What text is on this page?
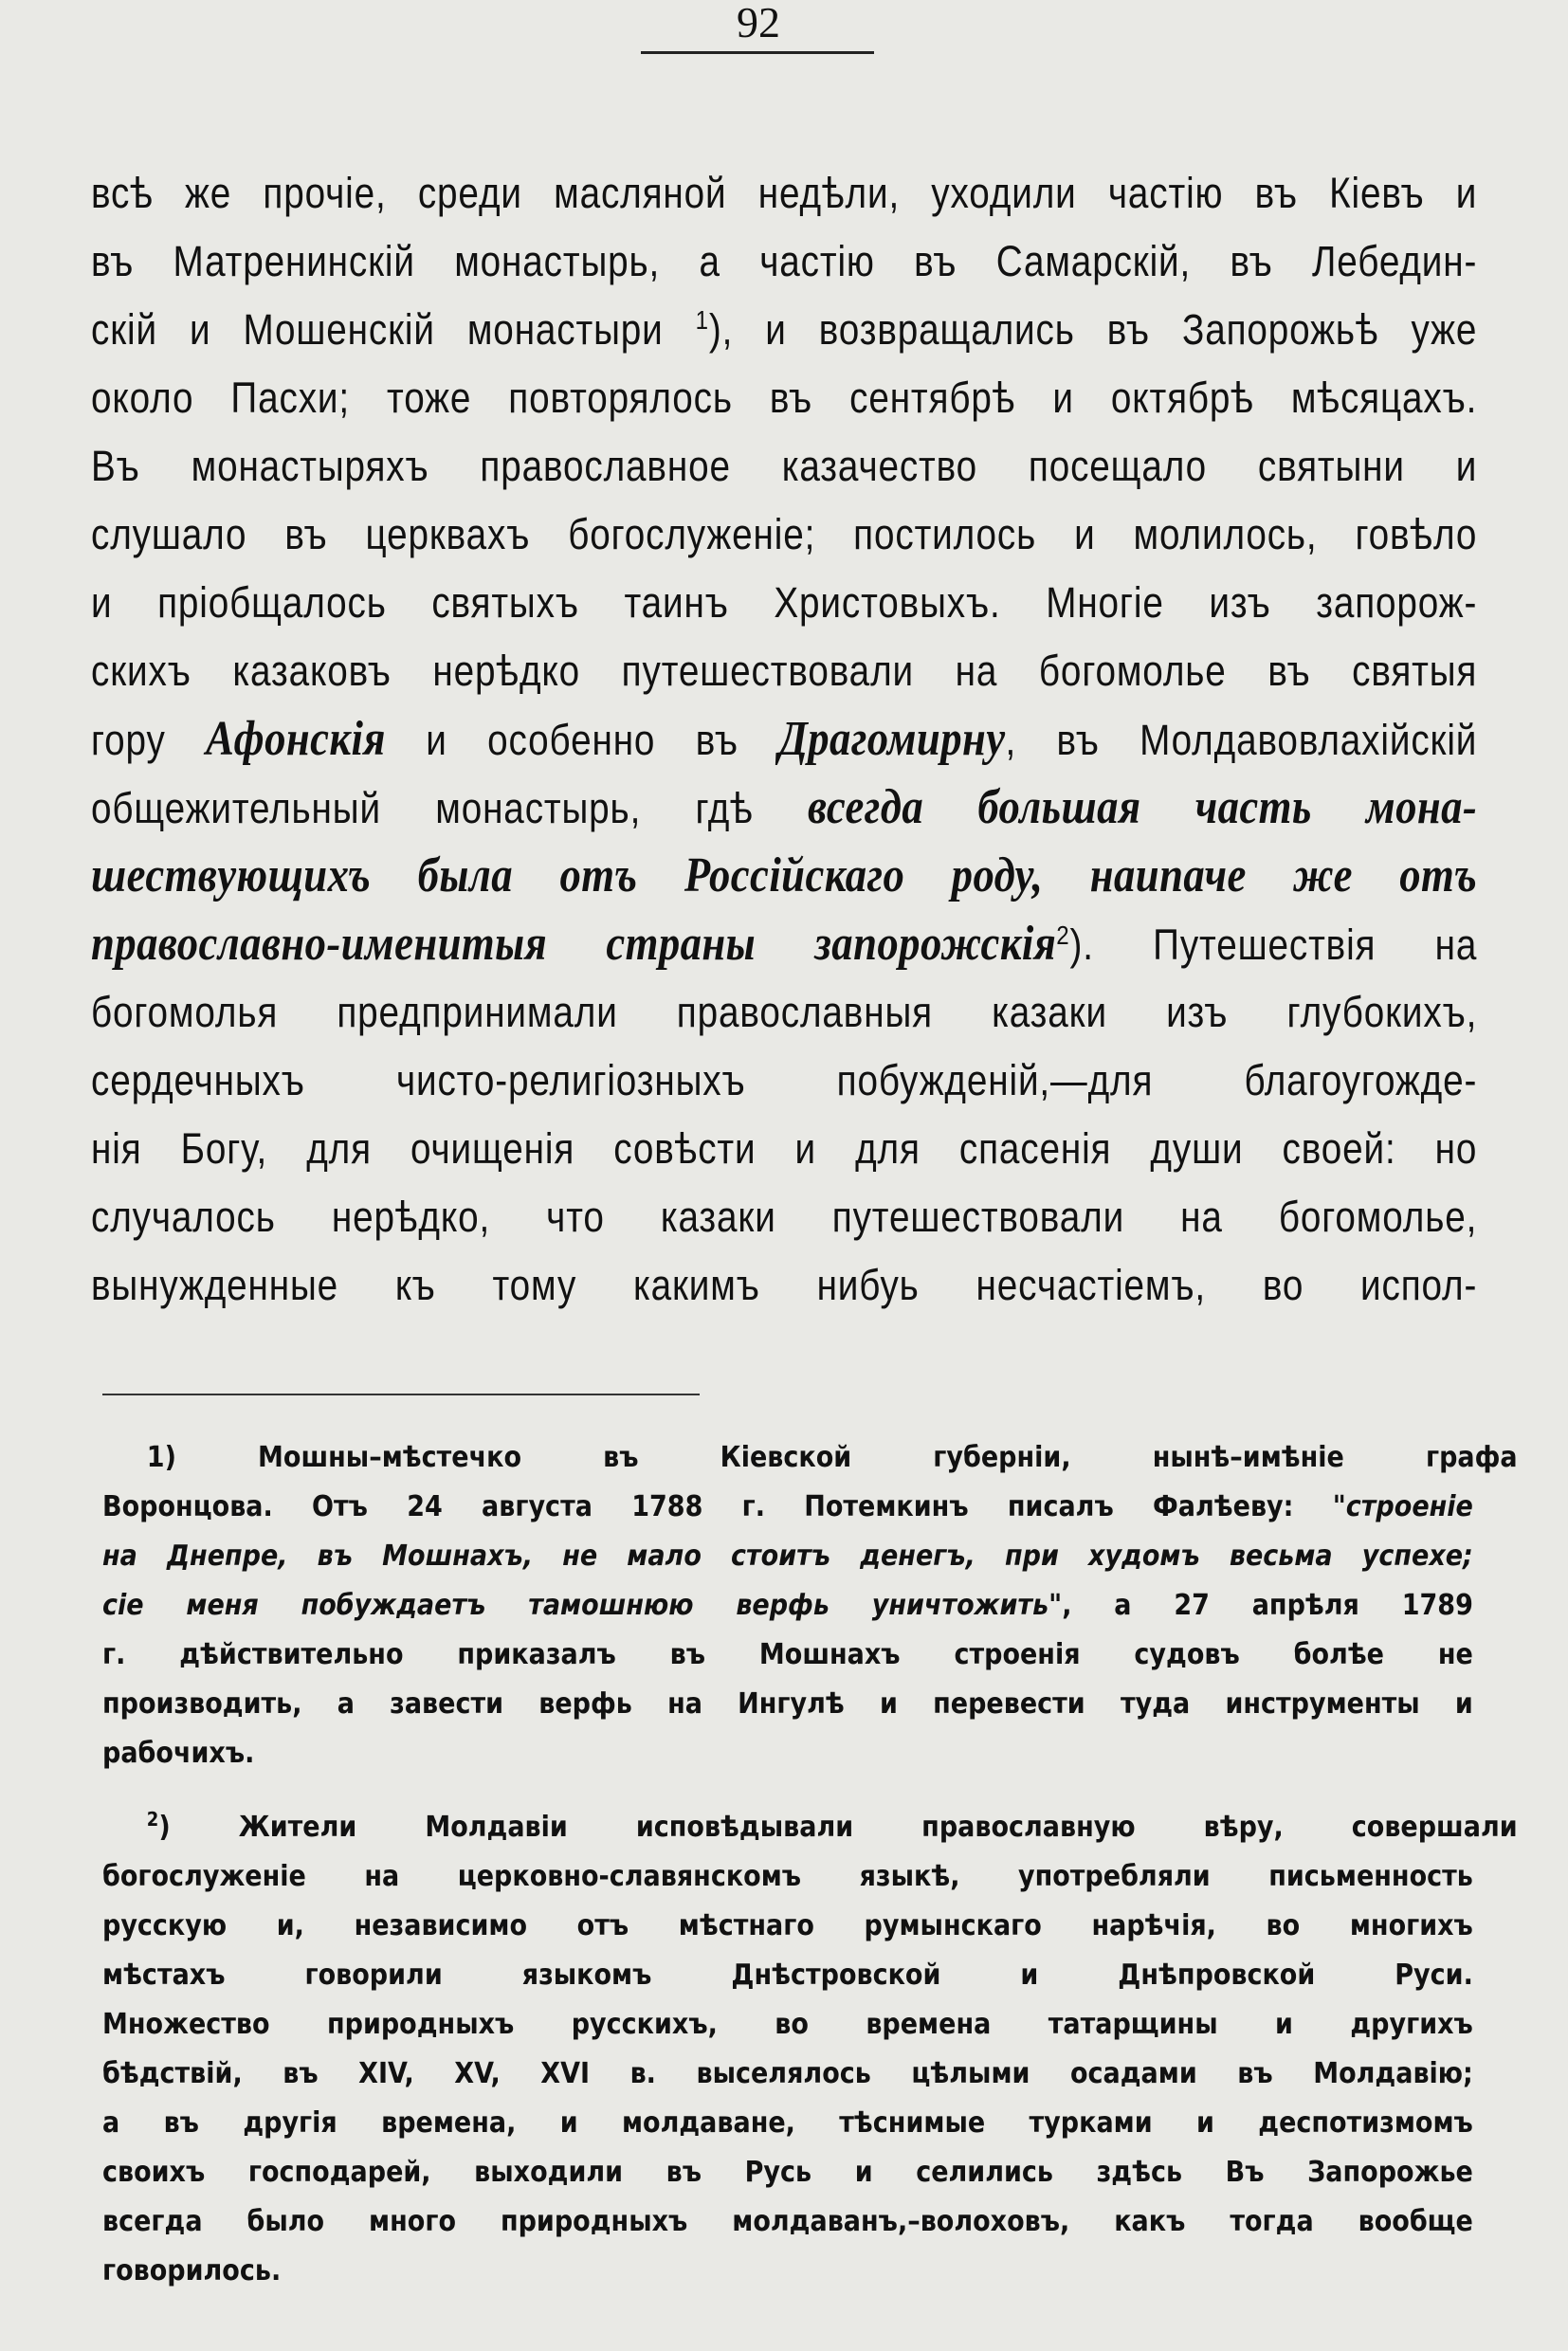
92
всѣ же прочіе, среди масляной недѣли, уходили частію въ Кіевъ и
въ Матренинскій монастырь, а частію въ Самарскій, въ Лебедин-
скій и Мошенскій монастыри $^1$), и возвращались въ Запорожьѣ уже
около Пасхи; тоже повторялось въ сентябрѣ и октябрѣ мѣсяцахъ.
Въ монастыряхъ православное казачество посещало святыни и
слушало въ церквахъ богослуженіе; постилось и молилось, говѣло
и пріобщалось святыхъ таинъ Христовыхъ. Многіе изъ запорож-
скихъ казаковъ нерѣдко путешествовали на богомолье въ святыя
гору Афонскія и особенно въ Драгомирну, въ Молдавовлахійскій
общежительный монастырь, гдѣ всегда большая часть мона-
шествующихъ была отъ Россійскаго роду, наипаче же отъ
православно-именитыя страны запорожскія$^2$). Путешествія на
богомолья предпринимали православныя казаки изъ глубокихъ,
сердечныхъ чисто-религіозныхъ побужденій,—для благоугожде-
нія Богу, для очищенія совѣсти и для спасенія души своей: но
случалось нерѣдко, что казаки путешествовали на богомолье,
вынужденные къ тому какимъ нибуь несчастіемъ, во испол-
1) Мошны–мѣстечко въ Кіевской губерніи, нынѣ–имѣніе графа
Воронцова. Отъ 24 августа 1788 г. Потемкинъ писалъ Фалѣеву: "строеніе
на Днепре, въ Мошнахъ, не мало стоитъ денегъ, при худомъ весьма успехе;
сіе меня побуждаетъ тамошнюю верфь уничтожить", а 27 апрѣля 1789
г. дѣйствительно приказалъ въ Мошнахъ строенія судовъ болѣе не
производить, а завести верфь на Ингулѣ и перевести туда инструменты и
рабочихъ.
$^2$) Жители Молдавіи исповѣдывали православную вѣру, совершали
богослуженіе на церковно-славянскомъ языкѣ, употребляли письменность
русскую и, независимо отъ мѣстнаго румынскаго нарѣчія, во многихъ
мѣстахъ говорили языкомъ Днѣстровской и Днѣпровской Руси.
Множество природныхъ русскихъ, во времена татарщины и другихъ
бѣдствій, въ XIV, XV, XVI в. выселялось цѣлыми осадами въ Молдавію;
а въ другія времена, и молдаване, тѣснимые турками и деспотизмомъ
своихъ господарей, выходили въ Русь и селились здѣсь Въ Запорожье
всегда было много природныхъ молдаванъ,–волоховъ, какъ тогда вообще
говорилось.
